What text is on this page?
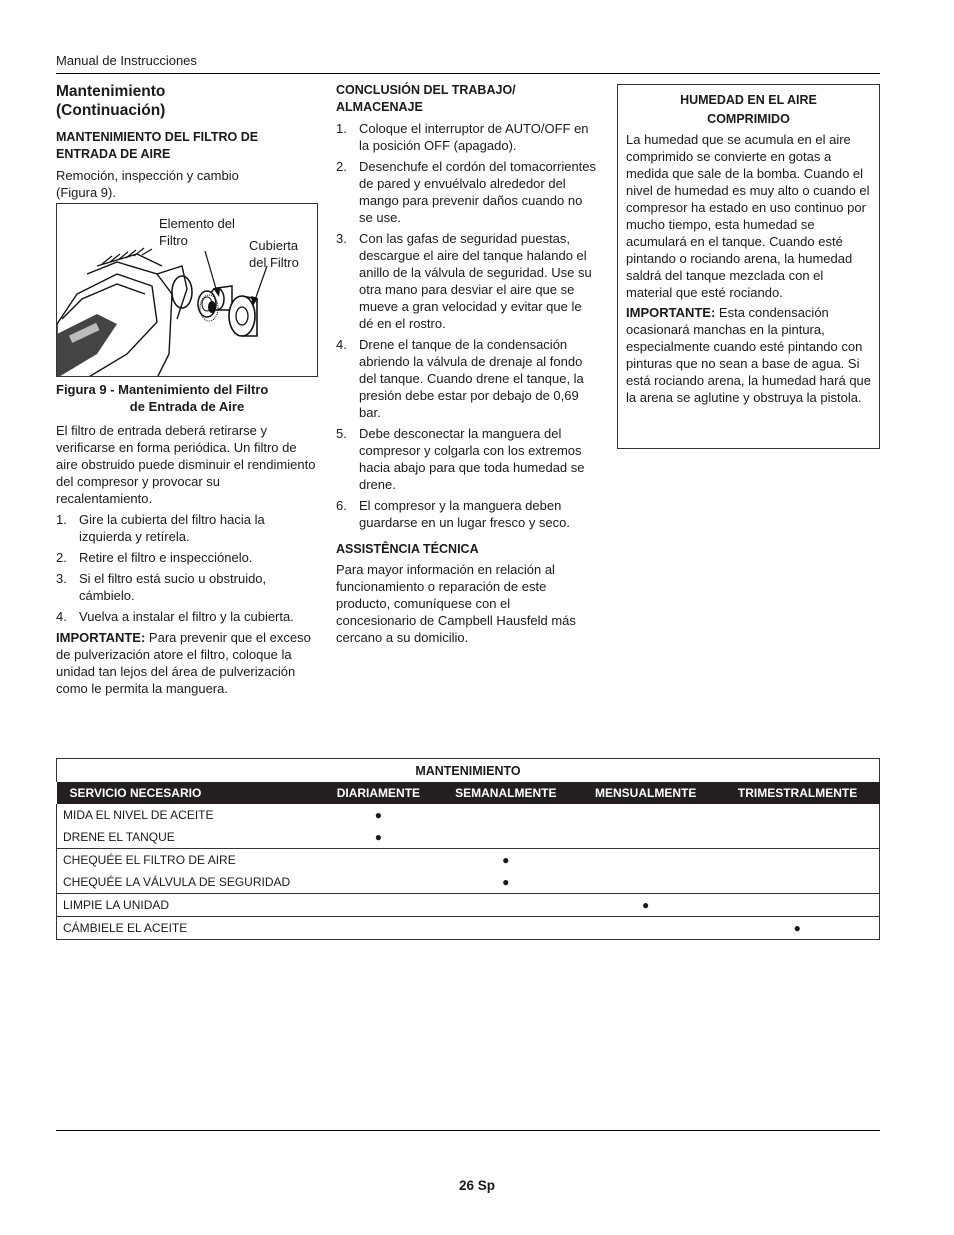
Manual de Instrucciones
Mantenimiento
(Continuación)
MANTENIMIENTO DEL FILTRO DE ENTRADA DE AIRE

Remoción, inspección y cambio (Figura 9).

Elemento del Filtro	Cubierta del Filtro
Figura 9 - Mantenimiento del Filtro
de Entrada de Aire

El filtro de entrada deberá retirarse y verificarse en forma periódica. Un filtro de aire obstruido puede disminuir el rendimiento del compresor y provocar su recalentamiento.

1. Gire la cubierta del filtro hacia la izquierda y retírela.
2. Retire el filtro e inspecciónelo.
3. Si el filtro está sucio u obstruido, cámbielo.
4. Vuelva a instalar el filtro y la cubierta.

IMPORTANTE: Para prevenir que el exceso de pulverización atore el filtro, coloque la unidad tan lejos del área de pulverización como le permita la manguera.

CONCLUSIÓN DEL TRABAJO/
ALMACENAJE
1. Coloque el interruptor de AUTO/OFF en la posición OFF (apagado).
2. Desenchufe el cordón del tomacorrientes de pared y envuélvalo alrededor del mango para prevenir daños cuando no se use.
3. Con las gafas de seguridad puestas, descargue el aire del tanque halando el anillo de la válvula de seguridad. Use su otra mano para desviar el aire que se mueve a gran velocidad y evitar que le dé en el rostro.
4. Drene el tanque de la condensación abriendo la válvula de drenaje al fondo del tanque. Cuando drene el tanque, la presión debe estar por debajo de 0,69 bar.
5. Debe desconectar la manguera del compresor y colgarla con los extremos hacia abajo para que toda humedad se drene.
6. El compresor y la manguera deben guardarse en un lugar fresco y seco.
ASSISTÊNCIA TÉCNICA

Para mayor información en relación al funcionamiento o reparación de este producto, comuníquese con el concesionario de Campbell Hausfeld más cercano a su domicilio.

HUMEDAD EN EL AIRE
COMPRIMIDO

La humedad que se acumula en el aire comprimido se convierte en gotas a medida que sale de la bomba. Cuando el nivel de humedad es muy alto o cuando el compresor ha estado en uso continuo por mucho tiempo, esta humedad se acumulará en el tanque. Cuando esté pintando o rociando arena, la humedad saldrá del tanque mezclada con el material que esté rociando.

IMPORTANTE: Esta condensación ocasionará manchas en la pintura, especialmente cuando esté pintando con pinturas que no sean a base de agua. Si está rociando arena, la humedad hará que la arena se aglutine y obstruya la pistola.

MANTENIMIENTO				
SERVICIO NECESARIO	DIARIAMENTE	SEMANALMENTE	MENSUALMENTE	TRIMESTRALMENTE
MIDA EL NIVEL DE ACEITE	●			
DRENE EL TANQUE	●			
CHEQUÉE EL FILTRO DE AIRE		●		
CHEQUÉE LA VÁLVULA DE SEGURIDAD		●		
LIMPIE LA UNIDAD			●	
CÁMBIELE EL ACEITE				●
26 Sp
